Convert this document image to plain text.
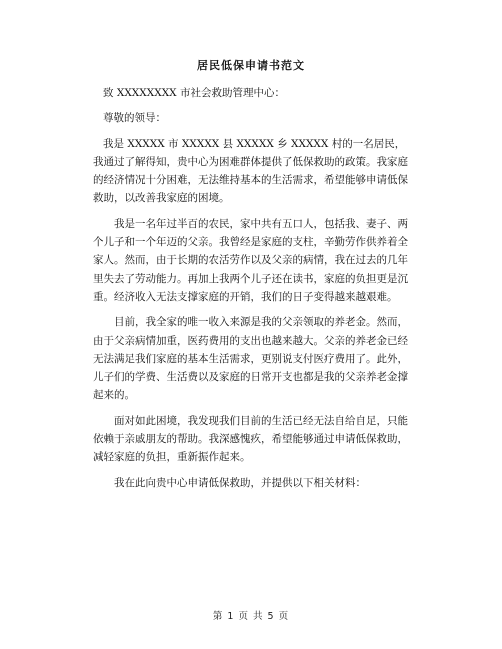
居民低保申请书范文
致 XXXXXXXX 市社会救助管理中心：
尊敬的领导：
我是 XXXXX 市 XXXXX 县 XXXXX 乡 XXXXX 村的一名居民，
我通过了解得知，贵中心为困难群体提供了低保救助的政策。我家庭
的经济情况十分困难，无法维持基本的生活需求，希望能够申请低保
救助，以改善我家庭的困境。
我是一名年过半百的农民，家中共有五口人，包括我、妻子、两
个儿子和一个年迈的父亲。我曾经是家庭的支柱，辛勤劳作供养着全
家人。然而，由于长期的农活劳作以及父亲的病情，我在过去的几年
里失去了劳动能力。再加上我两个儿子还在读书，家庭的负担更是沉
重。经济收入无法支撑家庭的开销，我们的日子变得越来越艰难。
目前，我全家的唯一收入来源是我的父亲领取的养老金。然而，
由于父亲病情加重，医药费用的支出也越来越大。父亲的养老金已经
无法满足我们家庭的基本生活需求，更别说支付医疗费用了。此外，
儿子们的学费、生活费以及家庭的日常开支也都是我的父亲养老金撑
起来的。
面对如此困境，我发现我们目前的生活已经无法自给自足，只能
依赖于亲戚朋友的帮助。我深感愧疚，希望能够通过申请低保救助，
减轻家庭的负担，重新振作起来。
我在此向贵中心申请低保救助，并提供以下相关材料：
第 1 页 共 5 页
